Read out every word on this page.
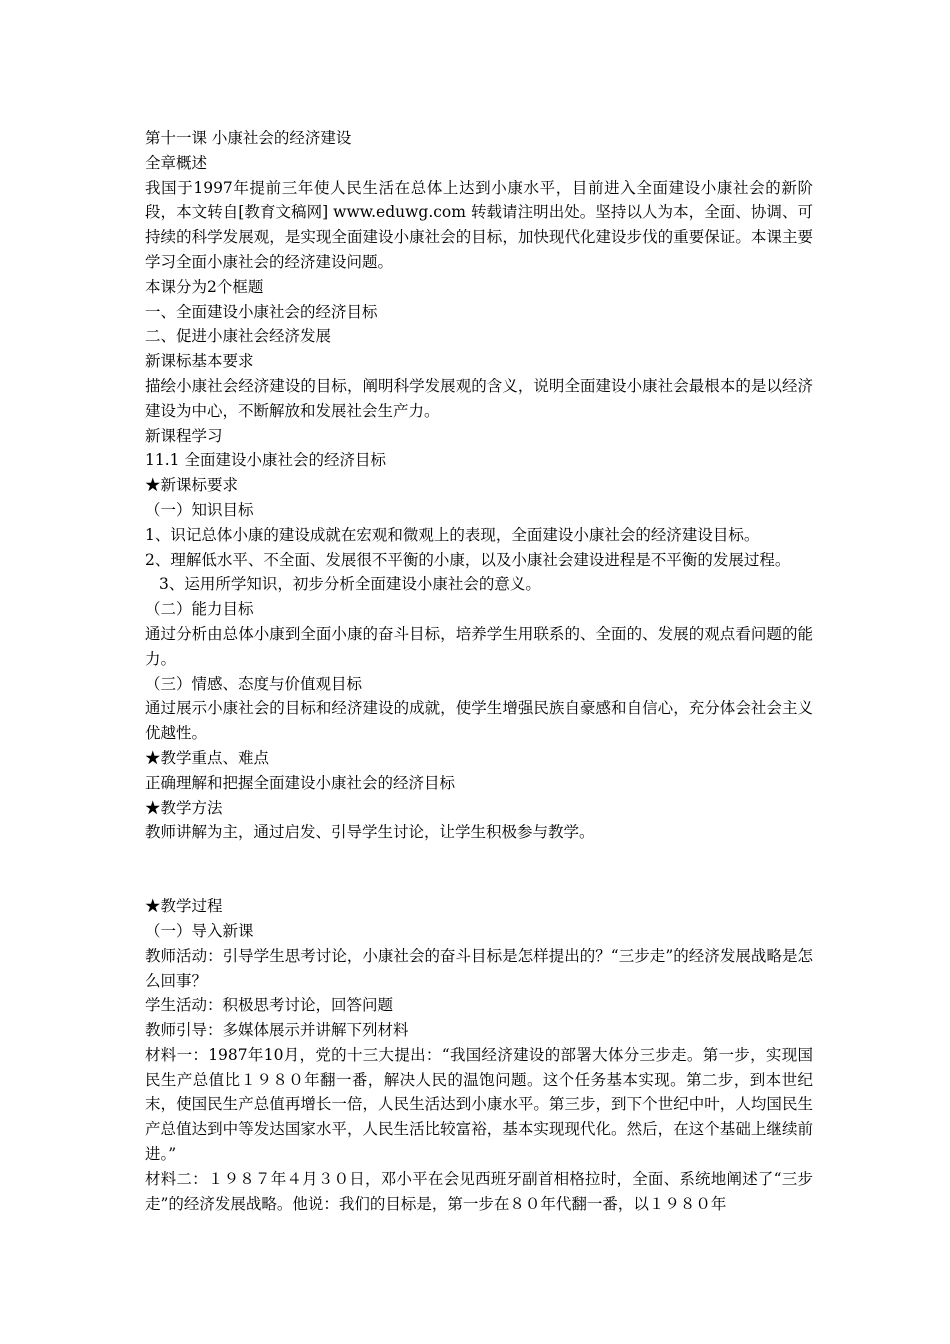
第十一课 小康社会的经济建设
全章概述
我国于1997年提前三年使人民生活在总体上达到小康水平，目前进入全面建设小康社会的新阶段，本文转自[教育文稿网] www.eduwg.com 转载请注明出处。坚持以人为本，全面、协调、可持续的科学发展观，是实现全面建设小康社会的目标，加快现代化建设步伐的重要保证。本课主要学习全面小康社会的经济建设问题。
本课分为2个框题
一、全面建设小康社会的经济目标
二、促进小康社会经济发展
新课标基本要求
描绘小康社会经济建设的目标，阐明科学发展观的含义，说明全面建设小康社会最根本的是以经济建设为中心，不断解放和发展社会生产力。
新课程学习
11.1 全面建设小康社会的经济目标
★新课标要求
（一）知识目标
1、识记总体小康的建设成就在宏观和微观上的表现，全面建设小康社会的经济建设目标。
2、理解低水平、不全面、发展很不平衡的小康，以及小康社会建设进程是不平衡的发展过程。
3、运用所学知识，初步分析全面建设小康社会的意义。
（二）能力目标
通过分析由总体小康到全面小康的奋斗目标，培养学生用联系的、全面的、发展的观点看问题的能力。
（三）情感、态度与价值观目标
通过展示小康社会的目标和经济建设的成就，使学生增强民族自豪感和自信心，充分体会社会主义优越性。
★教学重点、难点
正确理解和把握全面建设小康社会的经济目标
★教学方法
教师讲解为主，通过启发、引导学生讨论，让学生积极参与教学。
★教学过程
（一）导入新课
教师活动：引导学生思考讨论，小康社会的奋斗目标是怎样提出的？“三步走”的经济发展战略是怎么回事？
学生活动：积极思考讨论，回答问题
教师引导：多媒体展示并讲解下列材料
材料一：1987年10月，党的十三大提出：“我国经济建设的部署大体分三步走。第一步，实现国民生产总值比１９８０年翻一番，解决人民的温饱问题。这个任务基本实现。第二步，到本世纪末，使国民生产总值再增长一倍，人民生活达到小康水平。第三步，到下个世纪中叶，人均国民生产总值达到中等发达国家水平，人民生活比较富裕，基本实现现代化。然后，在这个基础上继续前进。”
材料二：１９８７年４月３０日，邓小平在会见西班牙副首相格拉时，全面、系统地阐述了“三步走”的经济发展战略。他说：我们的目标是，第一步在８０年代翻一番，以１９８０年
